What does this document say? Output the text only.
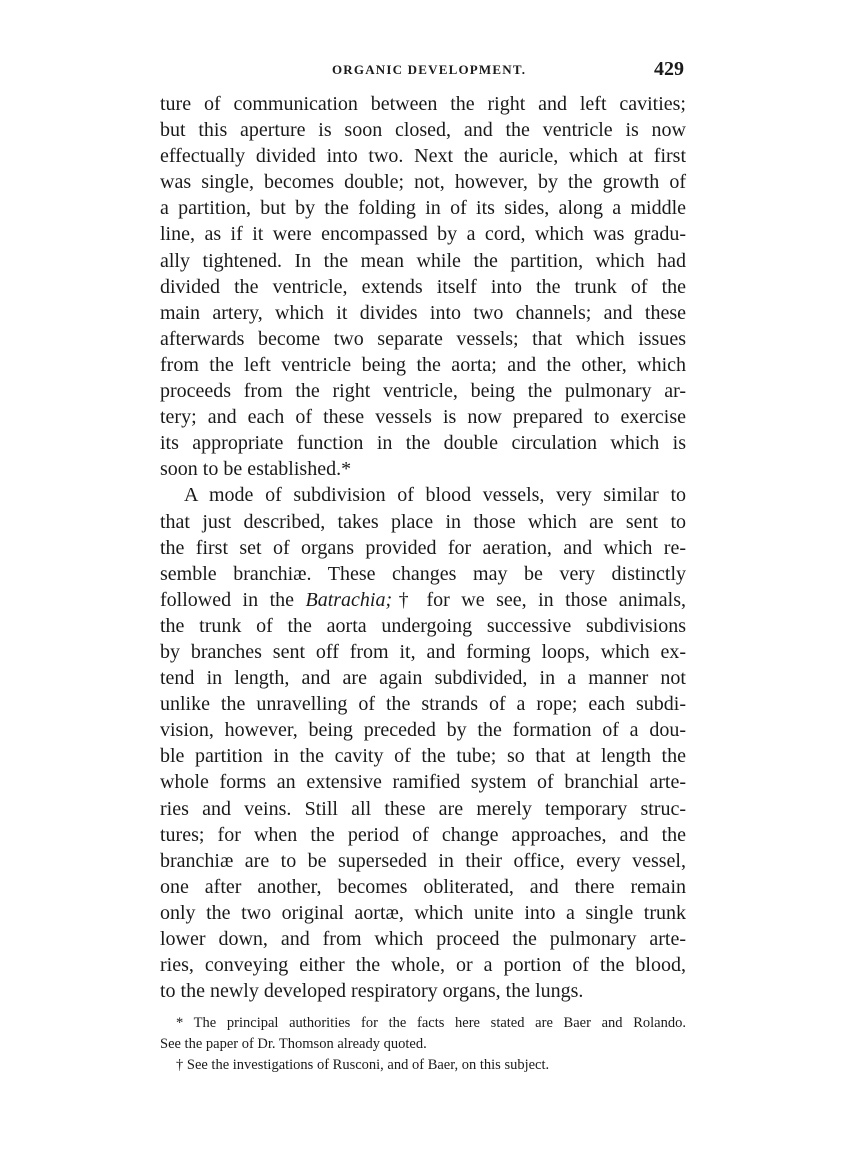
ORGANIC DEVELOPMENT.	429
ture of communication between the right and left cavities;
but this aperture is soon closed, and the ventricle is now
effectually divided into two. Next the auricle, which at first
was single, becomes double; not, however, by the growth of
a partition, but by the folding in of its sides, along a middle
line, as if it were encompassed by a cord, which was gradu-
ally tightened. In the mean while the partition, which had
divided the ventricle, extends itself into the trunk of the
main artery, which it divides into two channels; and these
afterwards become two separate vessels; that which issues
from the left ventricle being the aorta; and the other, which
proceeds from the right ventricle, being the pulmonary ar-
tery; and each of these vessels is now prepared to exercise
its appropriate function in the double circulation which is
soon to be established.*
A mode of subdivision of blood vessels, very similar to
that just described, takes place in those which are sent to
the first set of organs provided for aeration, and which re-
semble branchiæ. These changes may be very distinctly
followed in the Batrachia;† for we see, in those animals,
the trunk of the aorta undergoing successive subdivisions
by branches sent off from it, and forming loops, which ex-
tend in length, and are again subdivided, in a manner not
unlike the unravelling of the strands of a rope; each subdi-
vision, however, being preceded by the formation of a dou-
ble partition in the cavity of the tube; so that at length the
whole forms an extensive ramified system of branchial arte-
ries and veins. Still all these are merely temporary struc-
tures; for when the period of change approaches, and the
branchiæ are to be superseded in their office, every vessel,
one after another, becomes obliterated, and there remain
only the two original aortæ, which unite into a single trunk
lower down, and from which proceed the pulmonary arte-
ries, conveying either the whole, or a portion of the blood,
to the newly developed respiratory organs, the lungs.
* The principal authorities for the facts here stated are Baer and Rolando.
See the paper of Dr. Thomson already quoted.
† See the investigations of Rusconi, and of Baer, on this subject.
